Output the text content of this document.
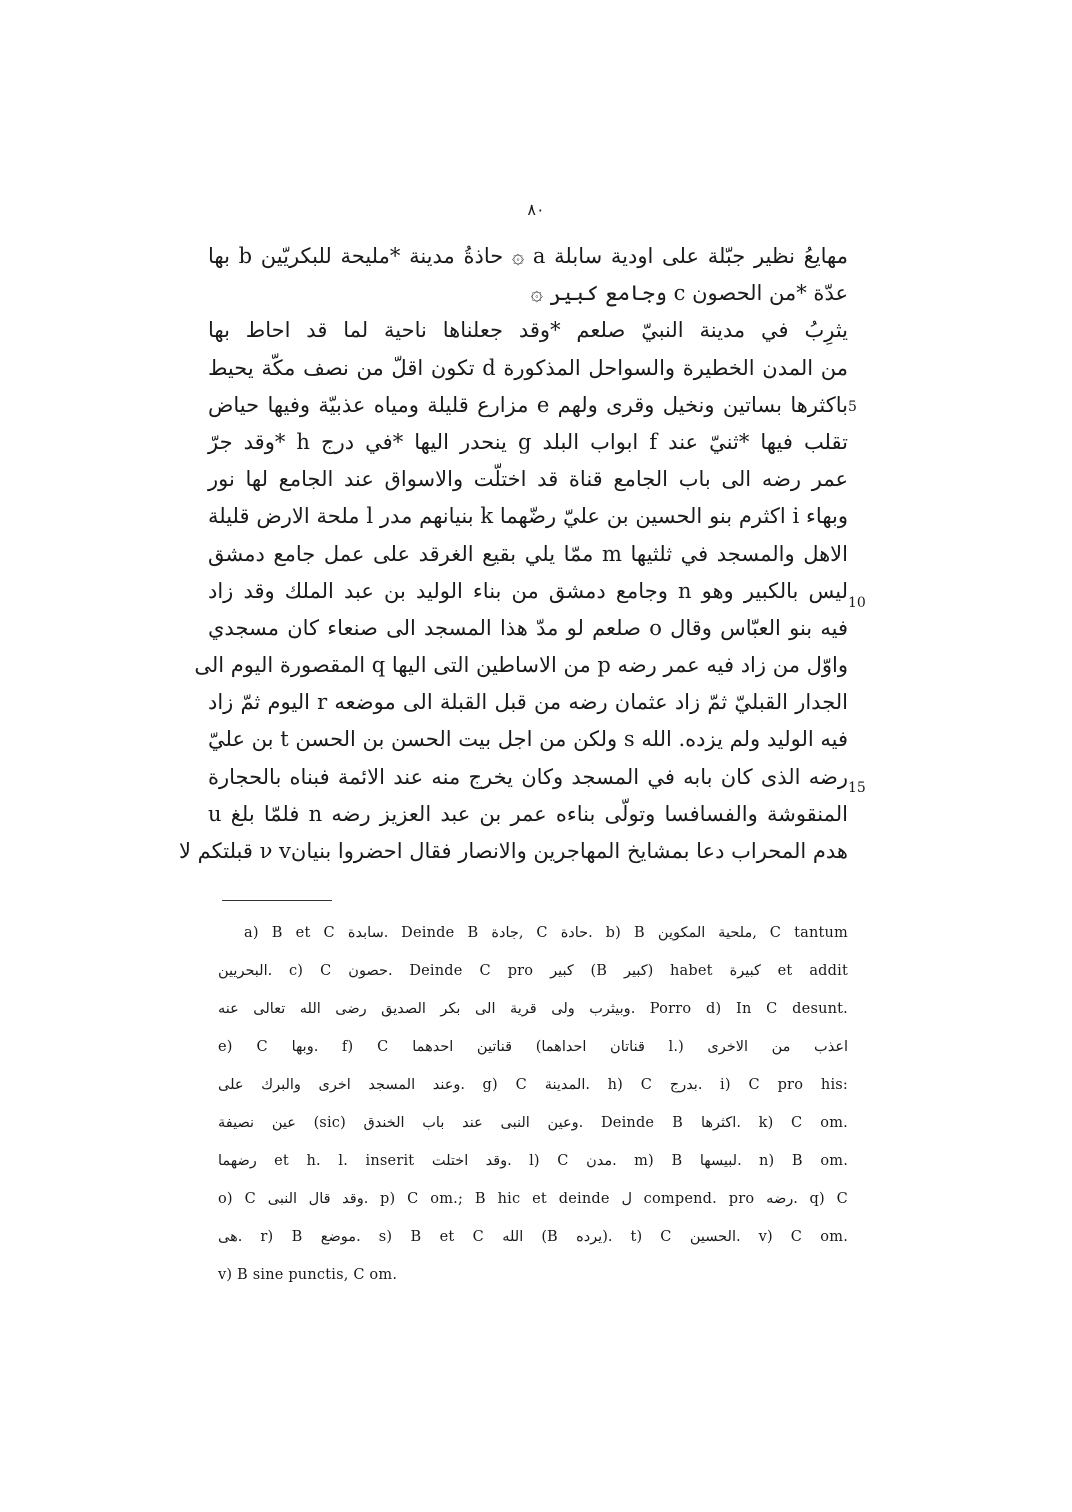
٨٠
مهايعُ نظير جبّلة على اودية سابلة a ۞ حاذةُ مدينة *مليحة للبكريّين b بها
عدّة *من الحصون c وجامع كبير ۞
يثرِبُ في مدينة النبيّ صلعم *وقد جعلناها ناحية لما قد احاط بها
من المدن الخطيرة والسواحل المذكورة d تكون اقلّ من نصف مكّة يحيط
باكثرها بساتين ونخيل وقرى ولهم e مزارع قليلة ومياه عذبيّة وفيها حياض
تقلب فيها *ثنيّ عند f ابواب البلد g ينحدر اليها *في درج h *وقد جرّ
عمر رضه الى باب الجامع قناة قد اختلّت والاسواق عند الجامع لها نور
وبهاء i اكثرم بنو الحسين بن عليّ رضّهما k بنيانهم مدر l ملحة الارض قليلة
الاهل والمسجد في ثلثيها m ممّا يلي بقيع الغرقد على عمل جامع دمشق
ليس بالكبير وهو n وجامع دمشق من بناء الوليد بن عبد الملك وقد زاد
فيه بنو العبّاس وقال o صلعم لو مدّ هذا المسجد الى صنعاء كان مسجدي
واوّل من زاد فيه عمر رضه p من الاساطين التى اليها q المقصورة اليوم الى
الجدار القبليّ ثمّ زاد عثمان رضه من قبل القبلة الى موضعه r اليوم ثمّ زاد
فيه الوليد ولم يزده. الله s ولكن من اجل بيت الحسن بن الحسن t بن عليّ
رضه الذى كان بابه في المسجد وكان يخرج منه عند الائمة فبناه بالحجارة
المنقوشة والفسافسا وتولّى بناءه عمر بن عبد العزيز رضه n فلمّا بلغ u
هدم المحراب دعا بمشايخ المهاجرين والانصار فقال احضروا بنيانν v قبلتكم لا
5
10
15
a) B et C سابدة. Deinde B جادة, C حادة. b) B ملحية المكوين, C tantum
البحريين. c) C حصون. Deinde C pro كبير (B كبير) habet كبيرة et addit
وبيثرب ولى قرية الى بكر الصديق رضى الله تعالى عنه. Porro d) In C desunt.
e) C وبها. f) C قناتين احدهما (قناتان احداهما l.) اعذب من الاخرى
وعند المسجد اخرى والبرك على. g) C المدينة. h) C بدرج. i) C pro his:
عين نصيفة (sic) وعين النبى عند باب الخندق. Deinde B اكثرها. k) C om.
رضهما et h. l. inserit وقد اختلت. l) C مدن. m) B لبيسها. n) B om.
o) C وقد قال النبى. p) C om.; B hic et deinde ل compend. pro رضه. q) C
هى. r) B موضع. s) B et C الله (B يرده). t) C الحسين. v) C om.
v) B sine punctis, C om.
